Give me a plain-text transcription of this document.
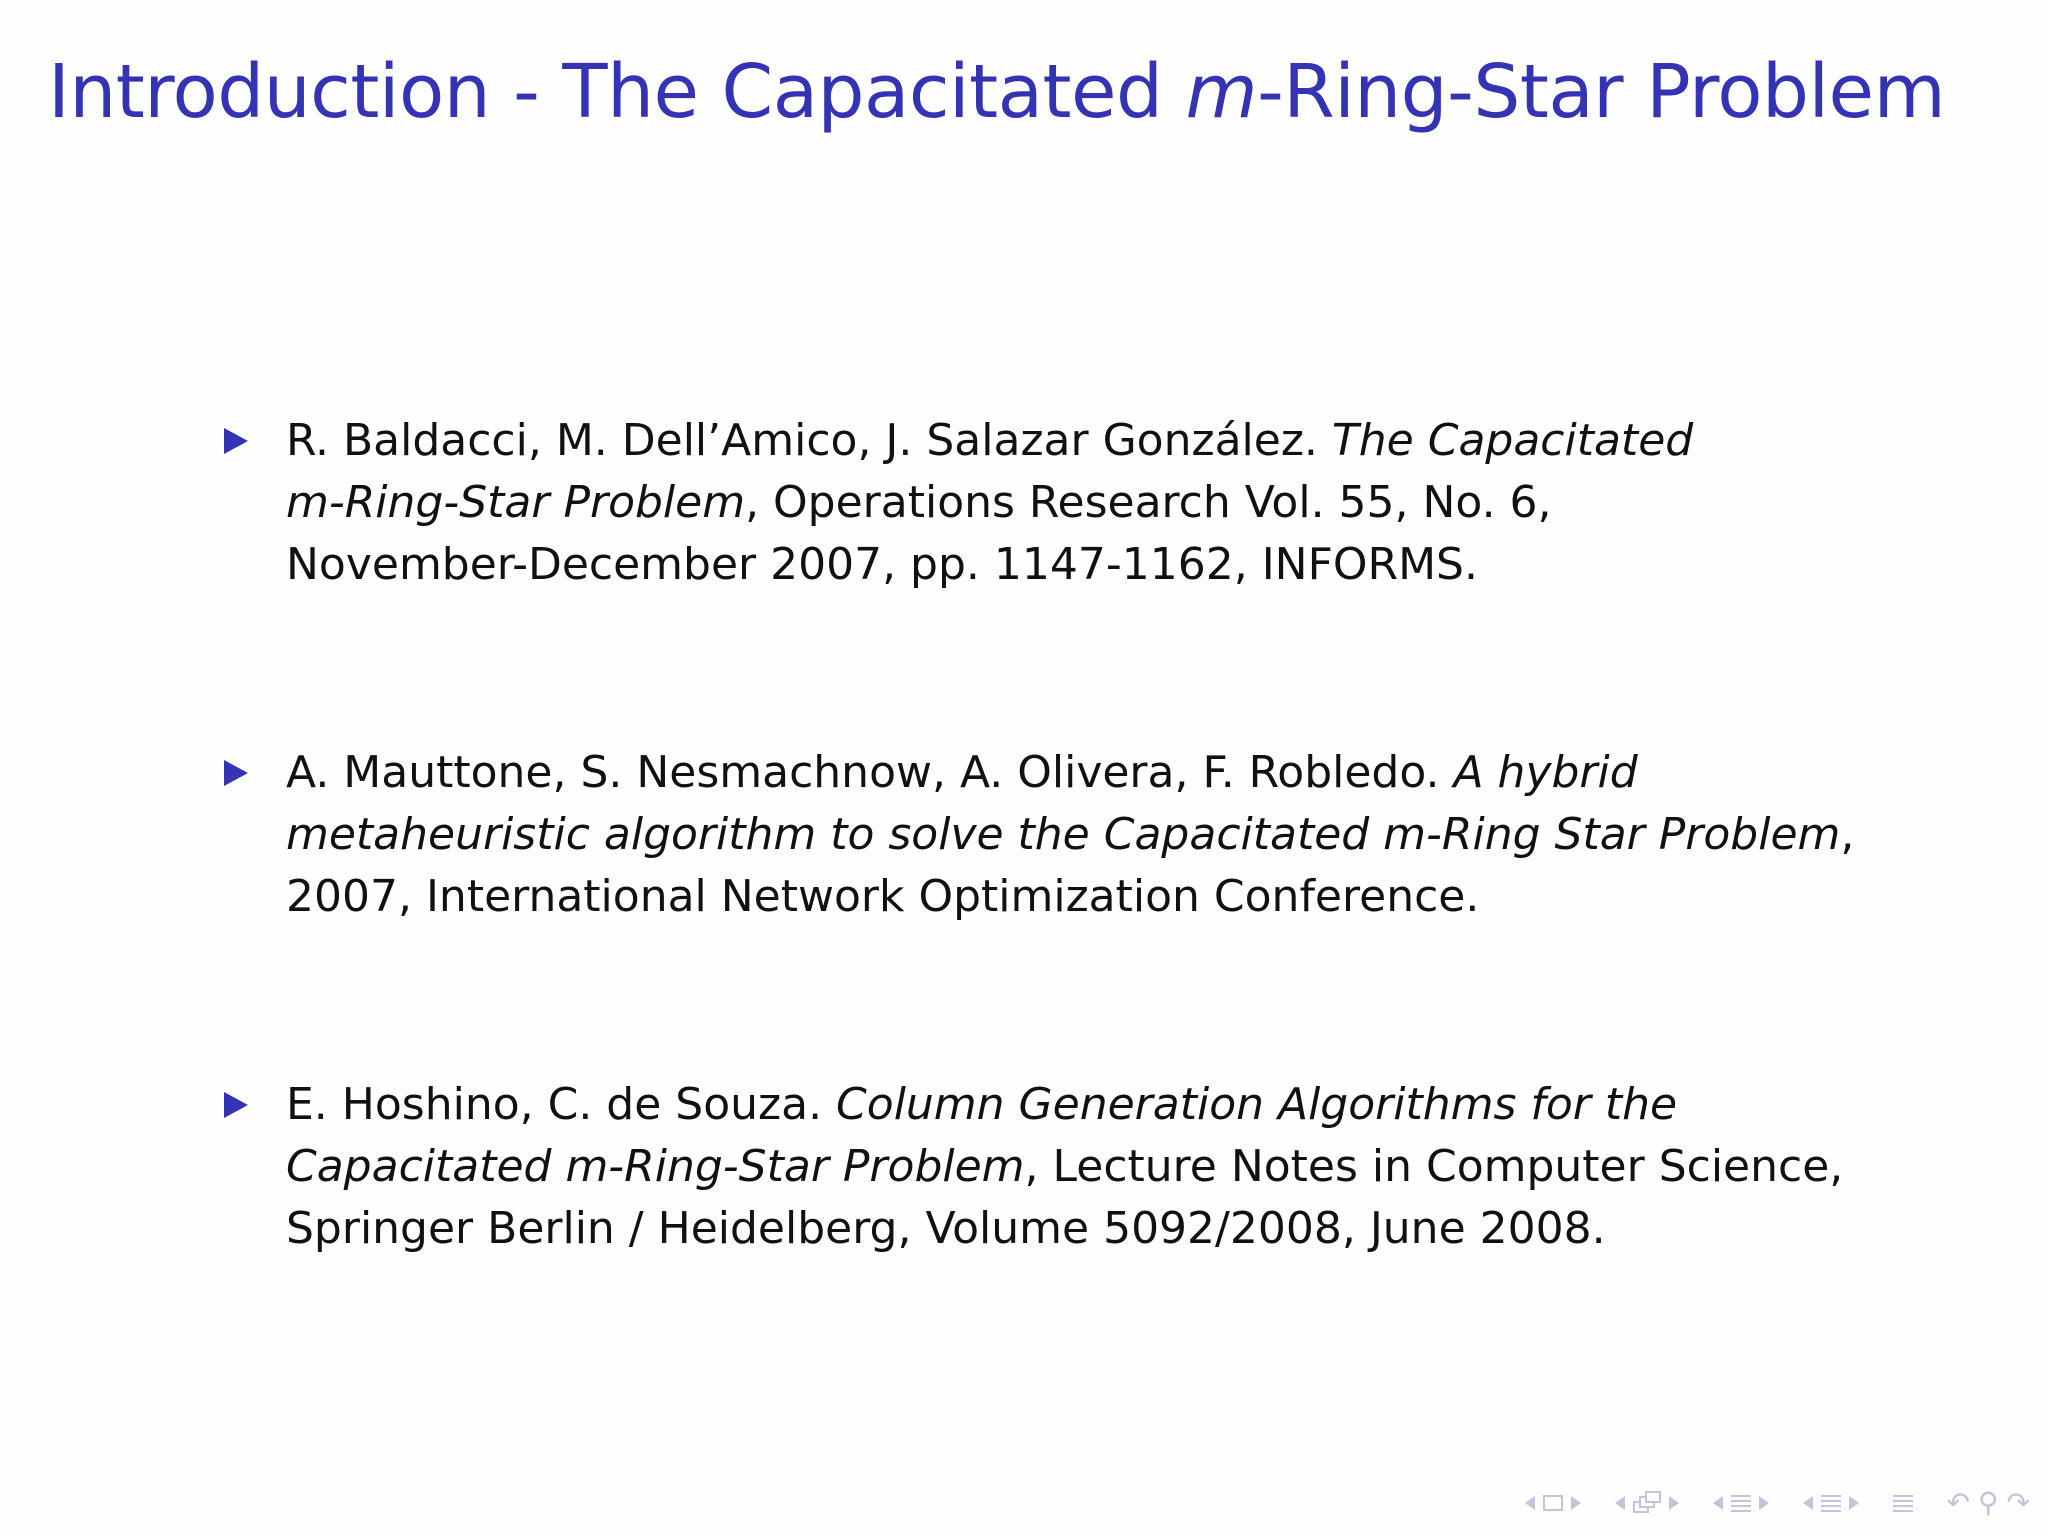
Introduction - The Capacitated m-Ring-Star Problem
R. Baldacci, M. Dell’Amico, J. Salazar González. The Capacitated
m-Ring-Star Problem, Operations Research Vol. 55, No. 6,
November-December 2007, pp. 1147-1162, INFORMS.
A. Mauttone, S. Nesmachnow, A. Olivera, F. Robledo. A hybrid
metaheuristic algorithm to solve the Capacitated m-Ring Star Problem,
2007, International Network Optimization Conference.
E. Hoshino, C. de Souza. Column Generation Algorithms for the
Capacitated m-Ring-Star Problem, Lecture Notes in Computer Science,
Springer Berlin / Heidelberg, Volume 5092/2008, June 2008.
↶ ⚲ ↷
